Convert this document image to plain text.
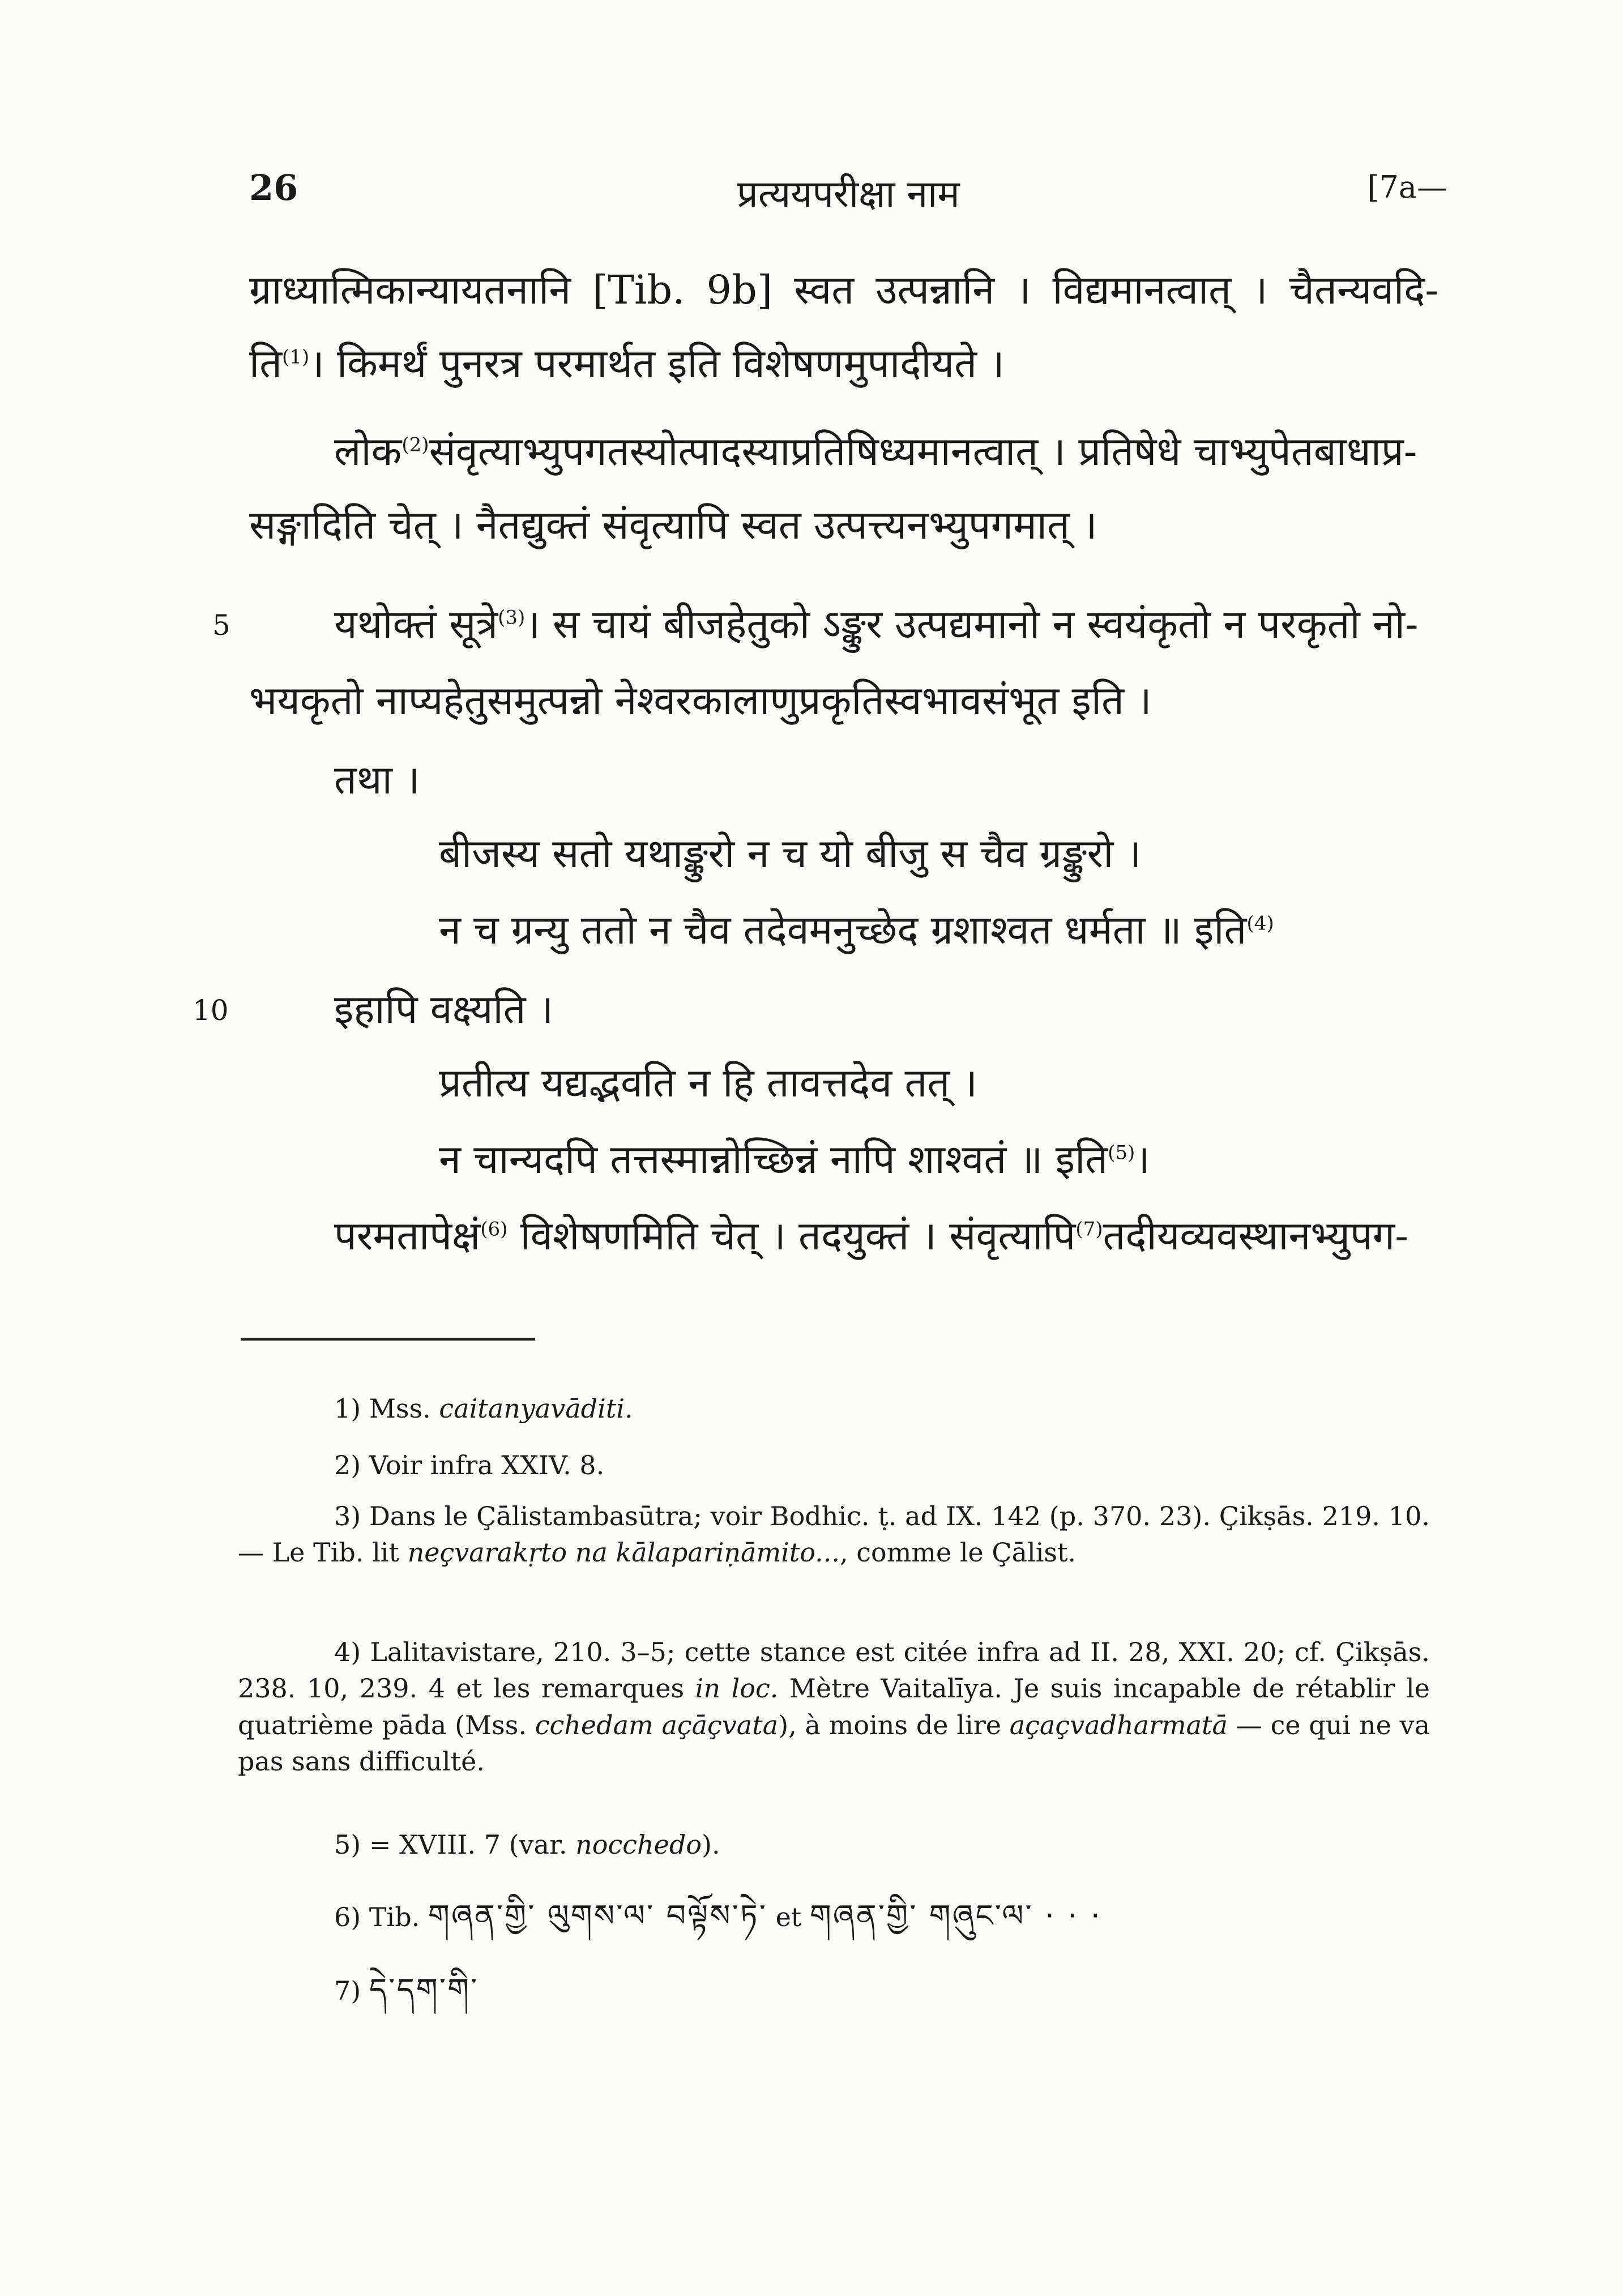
26	प्रत्ययपरीक्षा नाम	[7a—
ग्राध्यात्मिकान्यायतनानि [Tib. 9b] स्वत उत्पन्नानि । विद्यमानत्वात् । चैतन्यवदि-
ति$^{(1)}$। किमर्थं पुनरत्र परमार्थत इति विशेषणमुपादीयते ।
लोक$^{(2)}$संवृत्याभ्युपगतस्योत्पादस्याप्रतिषिध्यमानत्वात् । प्रतिषेधे चाभ्युपेतबाधाप्र-
सङ्गादिति चेत् । नैतद्युक्तं संवृत्यापि स्वत उत्पत्त्यनभ्युपगमात् ।
5	यथोक्तं सूत्रे$^{(3)}$। स चायं बीजहेतुको ऽङ्कुर उत्पद्यमानो न स्वयंकृतो न परकृतो नो-
भयकृतो नाप्यहेतुसमुत्पन्नो नेश्वरकालाणुप्रकृतिस्वभावसंभूत इति ।
तथा ।
बीजस्य सतो यथाङ्कुरो न च यो बीजु स चैव ग्रङ्कुरो ।
न च ग्रन्यु ततो न चैव तदेवमनुच्छेद ग्रशाश्वत धर्मता ॥ इति$^{(4)}$
10	इहापि वक्ष्यति ।
प्रतीत्य यद्यद्भवति न हि तावत्तदेव तत् ।
न चान्यदपि तत्तस्मान्नोच्छिन्नं नापि शाश्वतं ॥ इति$^{(5)}$।
परमतापेक्षं$^{(6)}$ विशेषणमिति चेत् । तदयुक्तं । संवृत्यापि$^{(7)}$तदीयव्यवस्थानभ्युपग-
1) Mss. caitanyavāditi.
2) Voir infra XXIV. 8.
3) Dans le Çālistambasūtra; voir Bodhic. ṭ. ad IX. 142 (p. 370. 23). Çikṣās. 219. 10. — Le Tib. lit neçvarakṛto na kālapariṇāmito..., comme le Çālist.
4) Lalitavistare, 210. 3–5; cette stance est citée infra ad II. 28, XXI. 20; cf. Çikṣās. 238. 10, 239. 4 et les remarques in loc. Mètre Vaitalīya. Je suis incapable de rétablir le quatrième pāda (Mss. cchedam açāçvata), à moins de lire açaçvadharmatā — ce qui ne va pas sans difficulté.
5) = XVIII. 7 (var. nocchedo).
6) Tib. གཞན་གྱི་ ལུགས་ལ་ བལྟོས་ཏེ་ et གཞན་གྱི་ གཞུང་ལ་ · · ·
7) དེ་དག་གི་
